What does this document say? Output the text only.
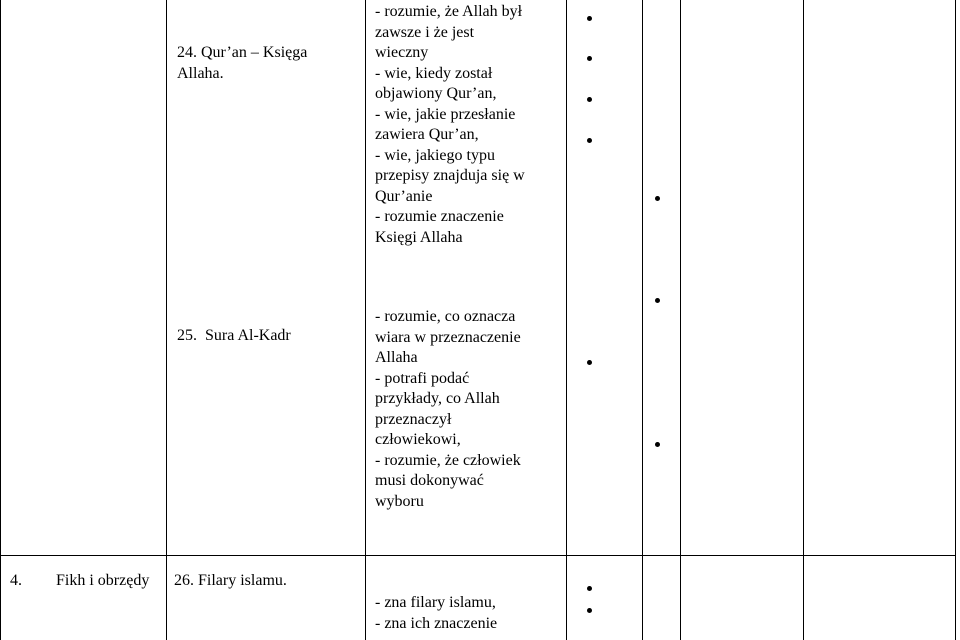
24. Qur’an – Księga
Allaha.
- rozumie, że Allah był
zawsze i że jest
wieczny
- wie, kiedy został
objawiony Qur’an,
- wie, jakie przesłanie
zawiera Qur’an,
- wie, jakiego typu
przepisy znajduja się w
Qur’anie
- rozumie znaczenie
Księgi Allaha

25.  Sura Al-Kadr

- rozumie, co oznacza
wiara w przeznaczenie
Allaha
- potrafi podać
przykłady, co Allah
przeznaczył
człowiekowi,
- rozumie, że człowiek
musi dokonywać
wyboru
4. Fikh i obrzędy 26. Filary islamu.
- zna filary islamu,
- zna ich znaczenie
